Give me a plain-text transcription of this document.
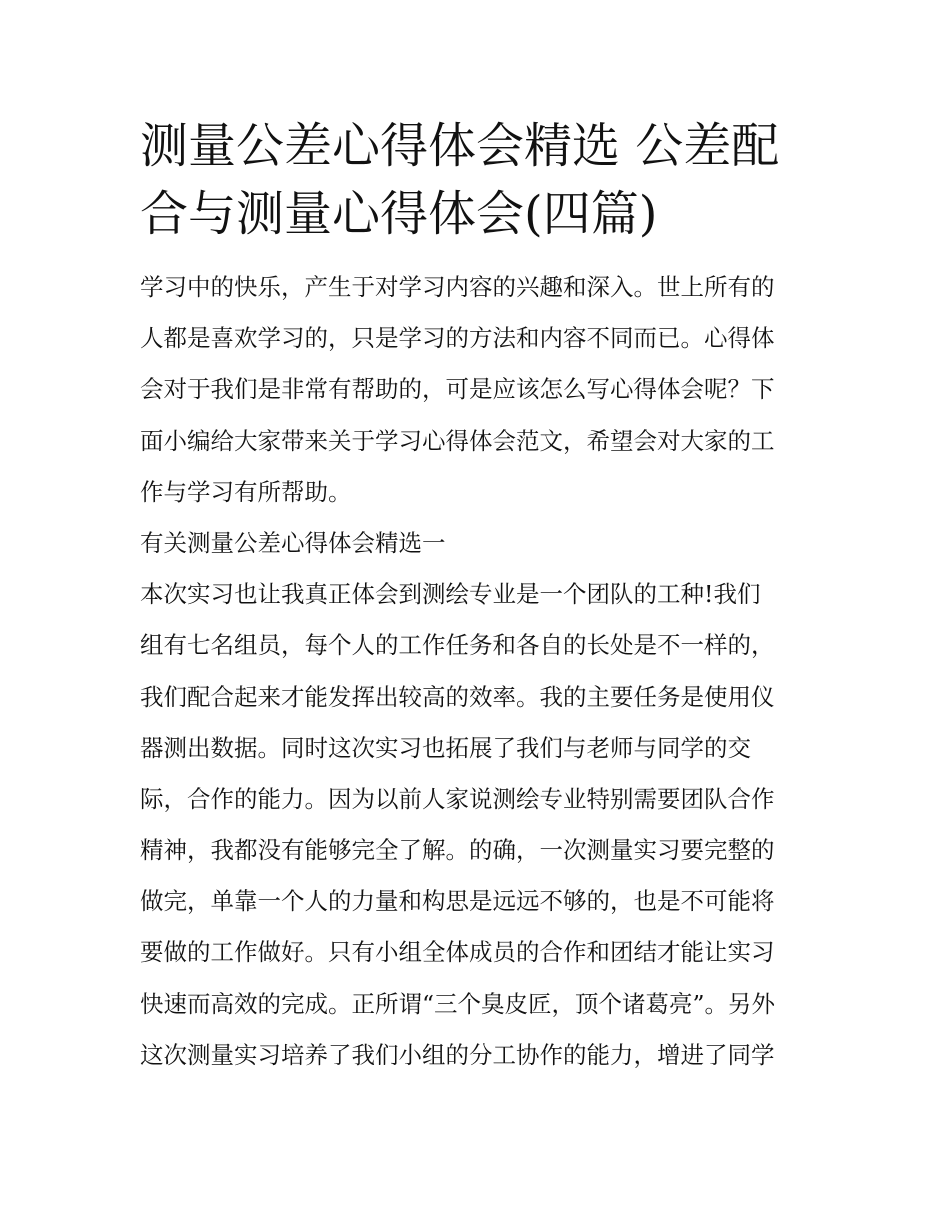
测量公差心得体会精选 公差配
合与测量心得体会(四篇)
学习中的快乐，产生于对学习内容的兴趣和深入。世上所有的
人都是喜欢学习的，只是学习的方法和内容不同而已。心得体
会对于我们是非常有帮助的，可是应该怎么写心得体会呢？下
面小编给大家带来关于学习心得体会范文，希望会对大家的工
作与学习有所帮助。
有关测量公差心得体会精选一
本次实习也让我真正体会到测绘专业是一个团队的工种!我们
组有七名组员，每个人的工作任务和各自的长处是不一样的，
我们配合起来才能发挥出较高的效率。我的主要任务是使用仪
器测出数据。同时这次实习也拓展了我们与老师与同学的交
际，合作的能力。因为以前人家说测绘专业特别需要团队合作
精神，我都没有能够完全了解。的确，一次测量实习要完整的
做完，单靠一个人的力量和构思是远远不够的，也是不可能将
要做的工作做好。只有小组全体成员的合作和团结才能让实习
快速而高效的完成。正所谓“三个臭皮匠，顶个诸葛亮”。另外
这次测量实习培养了我们小组的分工协作的能力，增进了同学
